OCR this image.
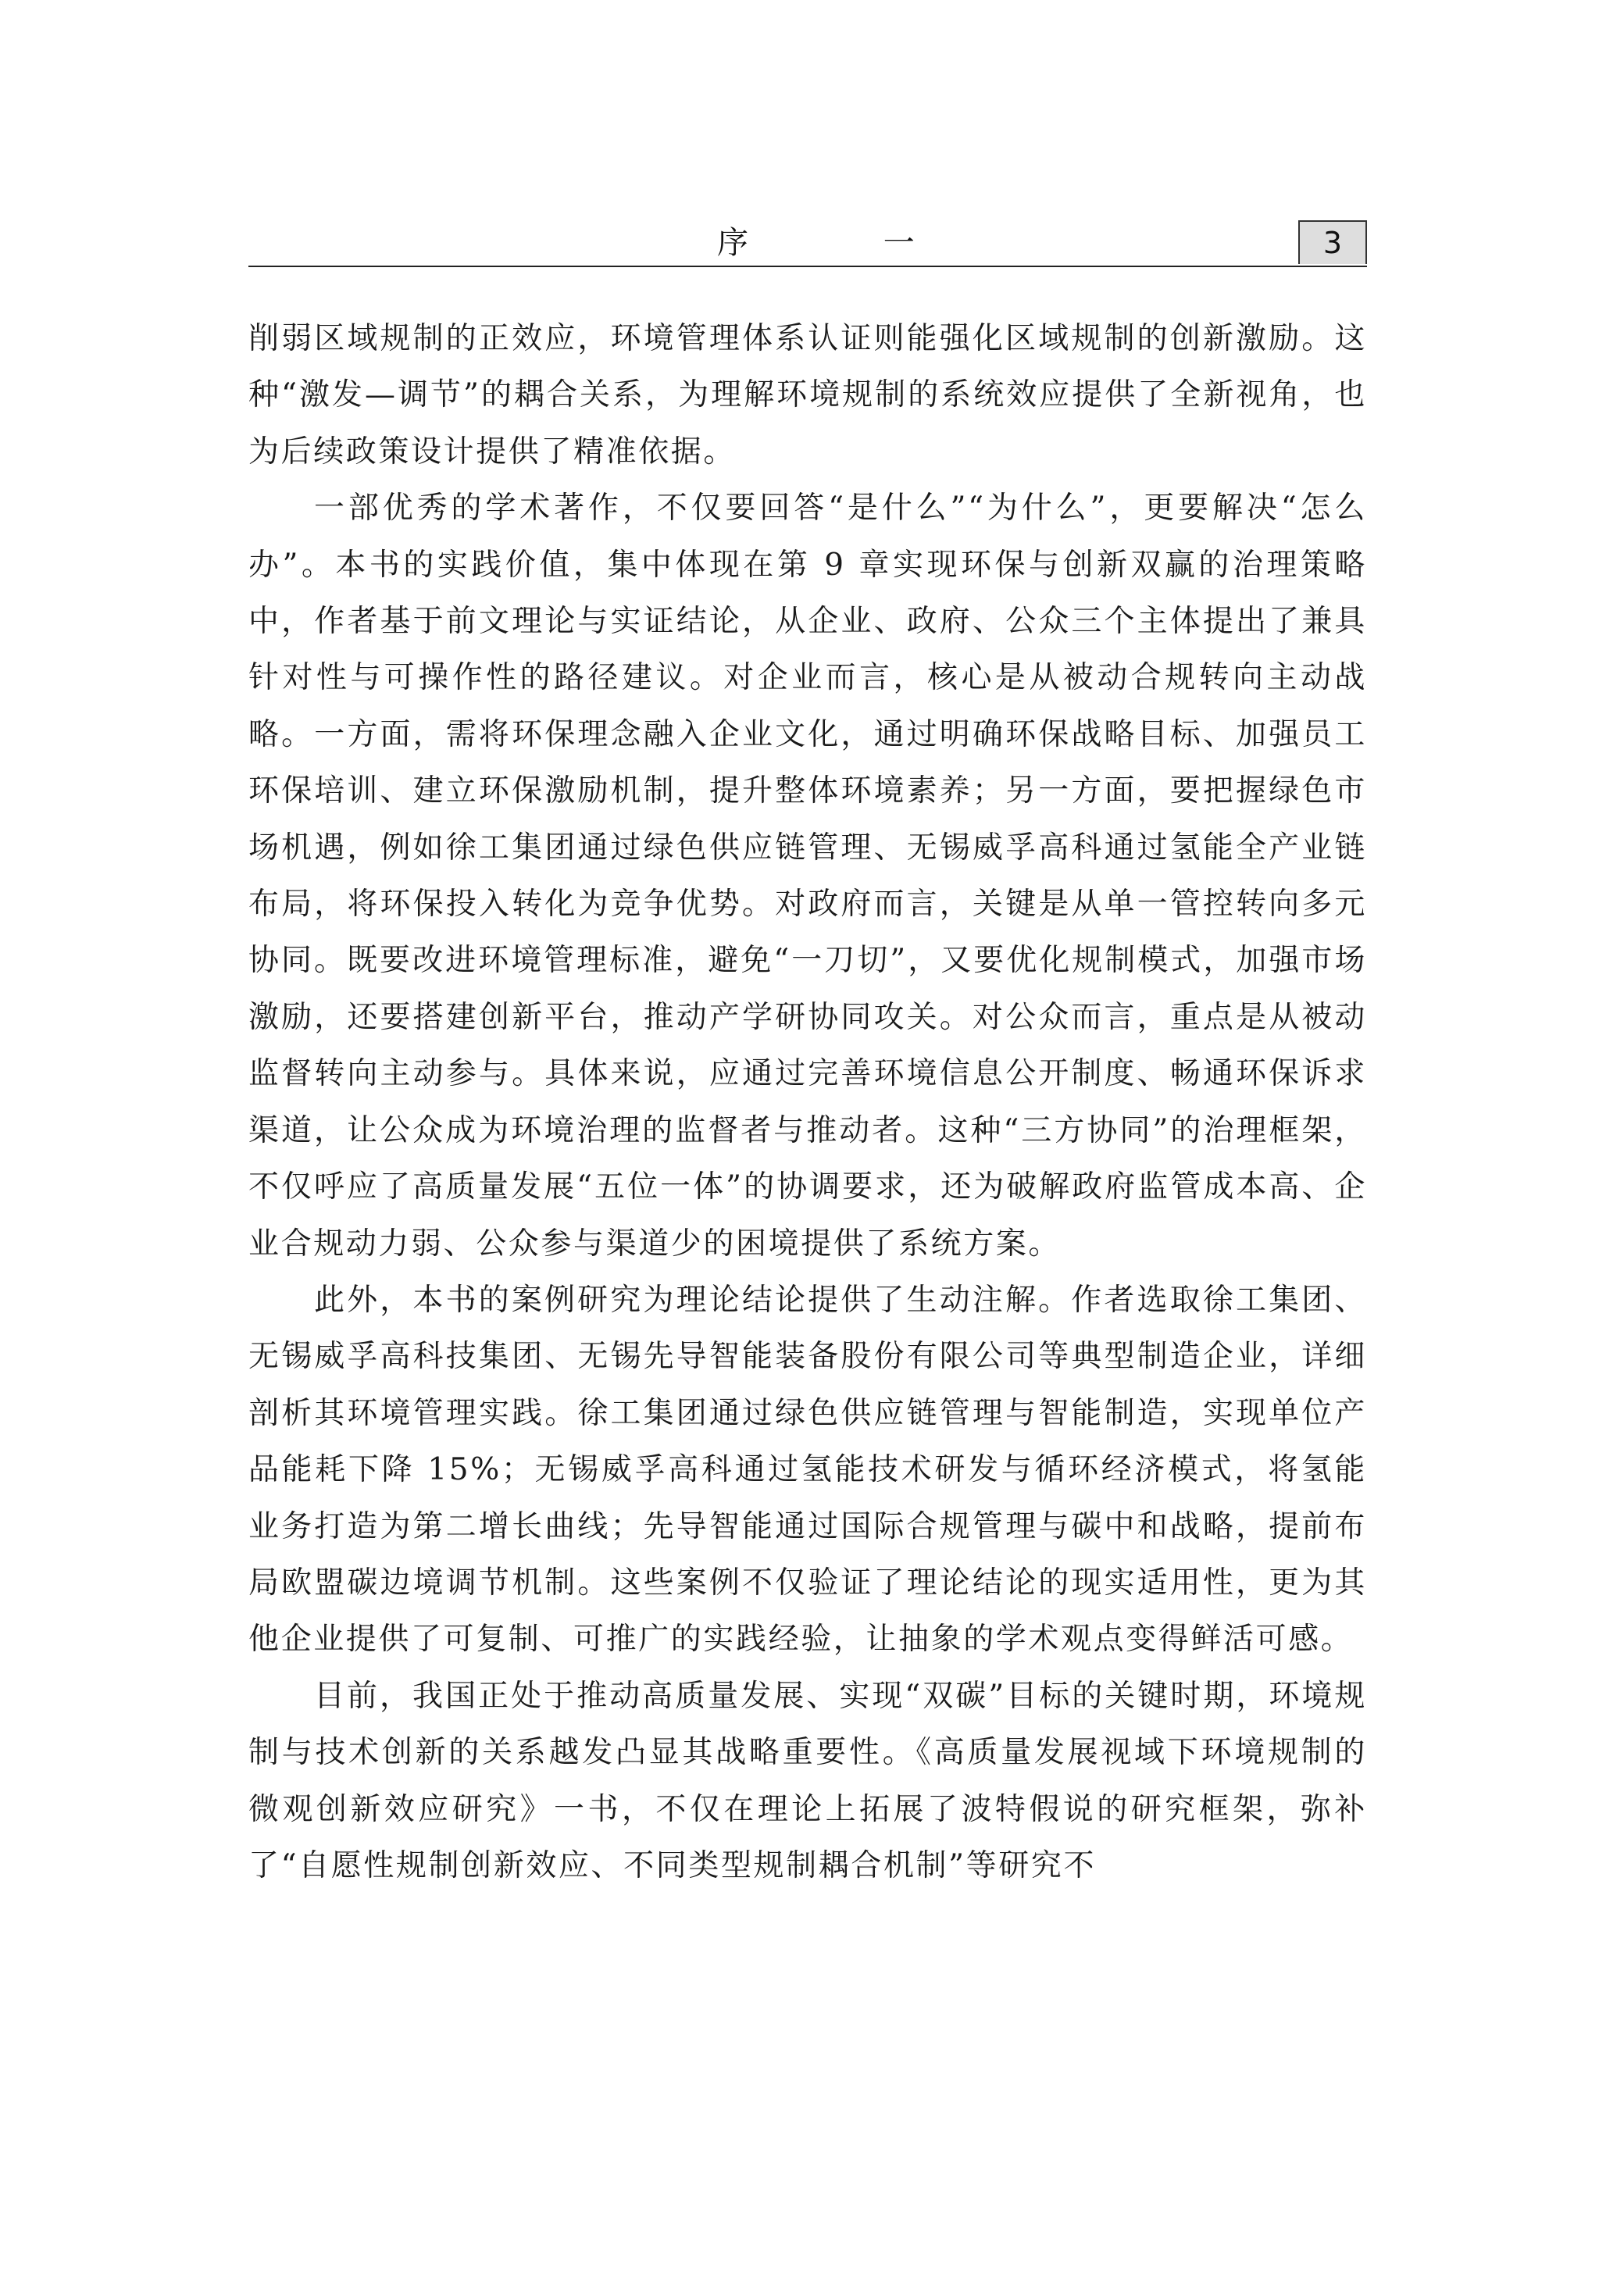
序 一	3

削弱区域规制的正效应，环境管理体系认证则能强化区域规制的创新激励。这种“激发—调节”的耦合关系，为理解环境规制的系统效应提供了全新视角，也为后续政策设计提供了精准依据。

一部优秀的学术著作，不仅要回答“是什么”“为什么”，更要解决“怎么办”。本书的实践价值，集中体现在第 9 章实现环保与创新双赢的治理策略中，作者基于前文理论与实证结论，从企业、政府、公众三个主体提出了兼具针对性与可操作性的路径建议。对企业而言，核心是从被动合规转向主动战略。一方面，需将环保理念融入企业文化，通过明确环保战略目标、加强员工环保培训、建立环保激励机制，提升整体环境素养；另一方面，要把握绿色市场机遇，例如徐工集团通过绿色供应链管理、无锡威孚高科通过氢能全产业链布局，将环保投入转化为竞争优势。对政府而言，关键是从单一管控转向多元协同。既要改进环境管理标准，避免“一刀切”，又要优化规制模式，加强市场激励，还要搭建创新平台，推动产学研协同攻关。对公众而言，重点是从被动监督转向主动参与。具体来说，应通过完善环境信息公开制度、畅通环保诉求渠道，让公众成为环境治理的监督者与推动者。这种“三方协同”的治理框架，不仅呼应了高质量发展“五位一体”的协调要求，还为破解政府监管成本高、企业合规动力弱、公众参与渠道少的困境提供了系统方案。

此外，本书的案例研究为理论结论提供了生动注解。作者选取徐工集团、无锡威孚高科技集团、无锡先导智能装备股份有限公司等典型制造企业，详细剖析其环境管理实践。徐工集团通过绿色供应链管理与智能制造，实现单位产品能耗下降 15%；无锡威孚高科通过氢能技术研发与循环经济模式，将氢能业务打造为第二增长曲线；先导智能通过国际合规管理与碳中和战略，提前布局欧盟碳边境调节机制。这些案例不仅验证了理论结论的现实适用性，更为其他企业提供了可复制、可推广的实践经验，让抽象的学术观点变得鲜活可感。

目前，我国正处于推动高质量发展、实现“双碳”目标的关键时期，环境规制与技术创新的关系越发凸显其战略重要性。《高质量发展视域下环境规制的微观创新效应研究》一书，不仅在理论上拓展了波特假说的研究框架，弥补了“自愿性规制创新效应、不同类型规制耦合机制”等研究不
